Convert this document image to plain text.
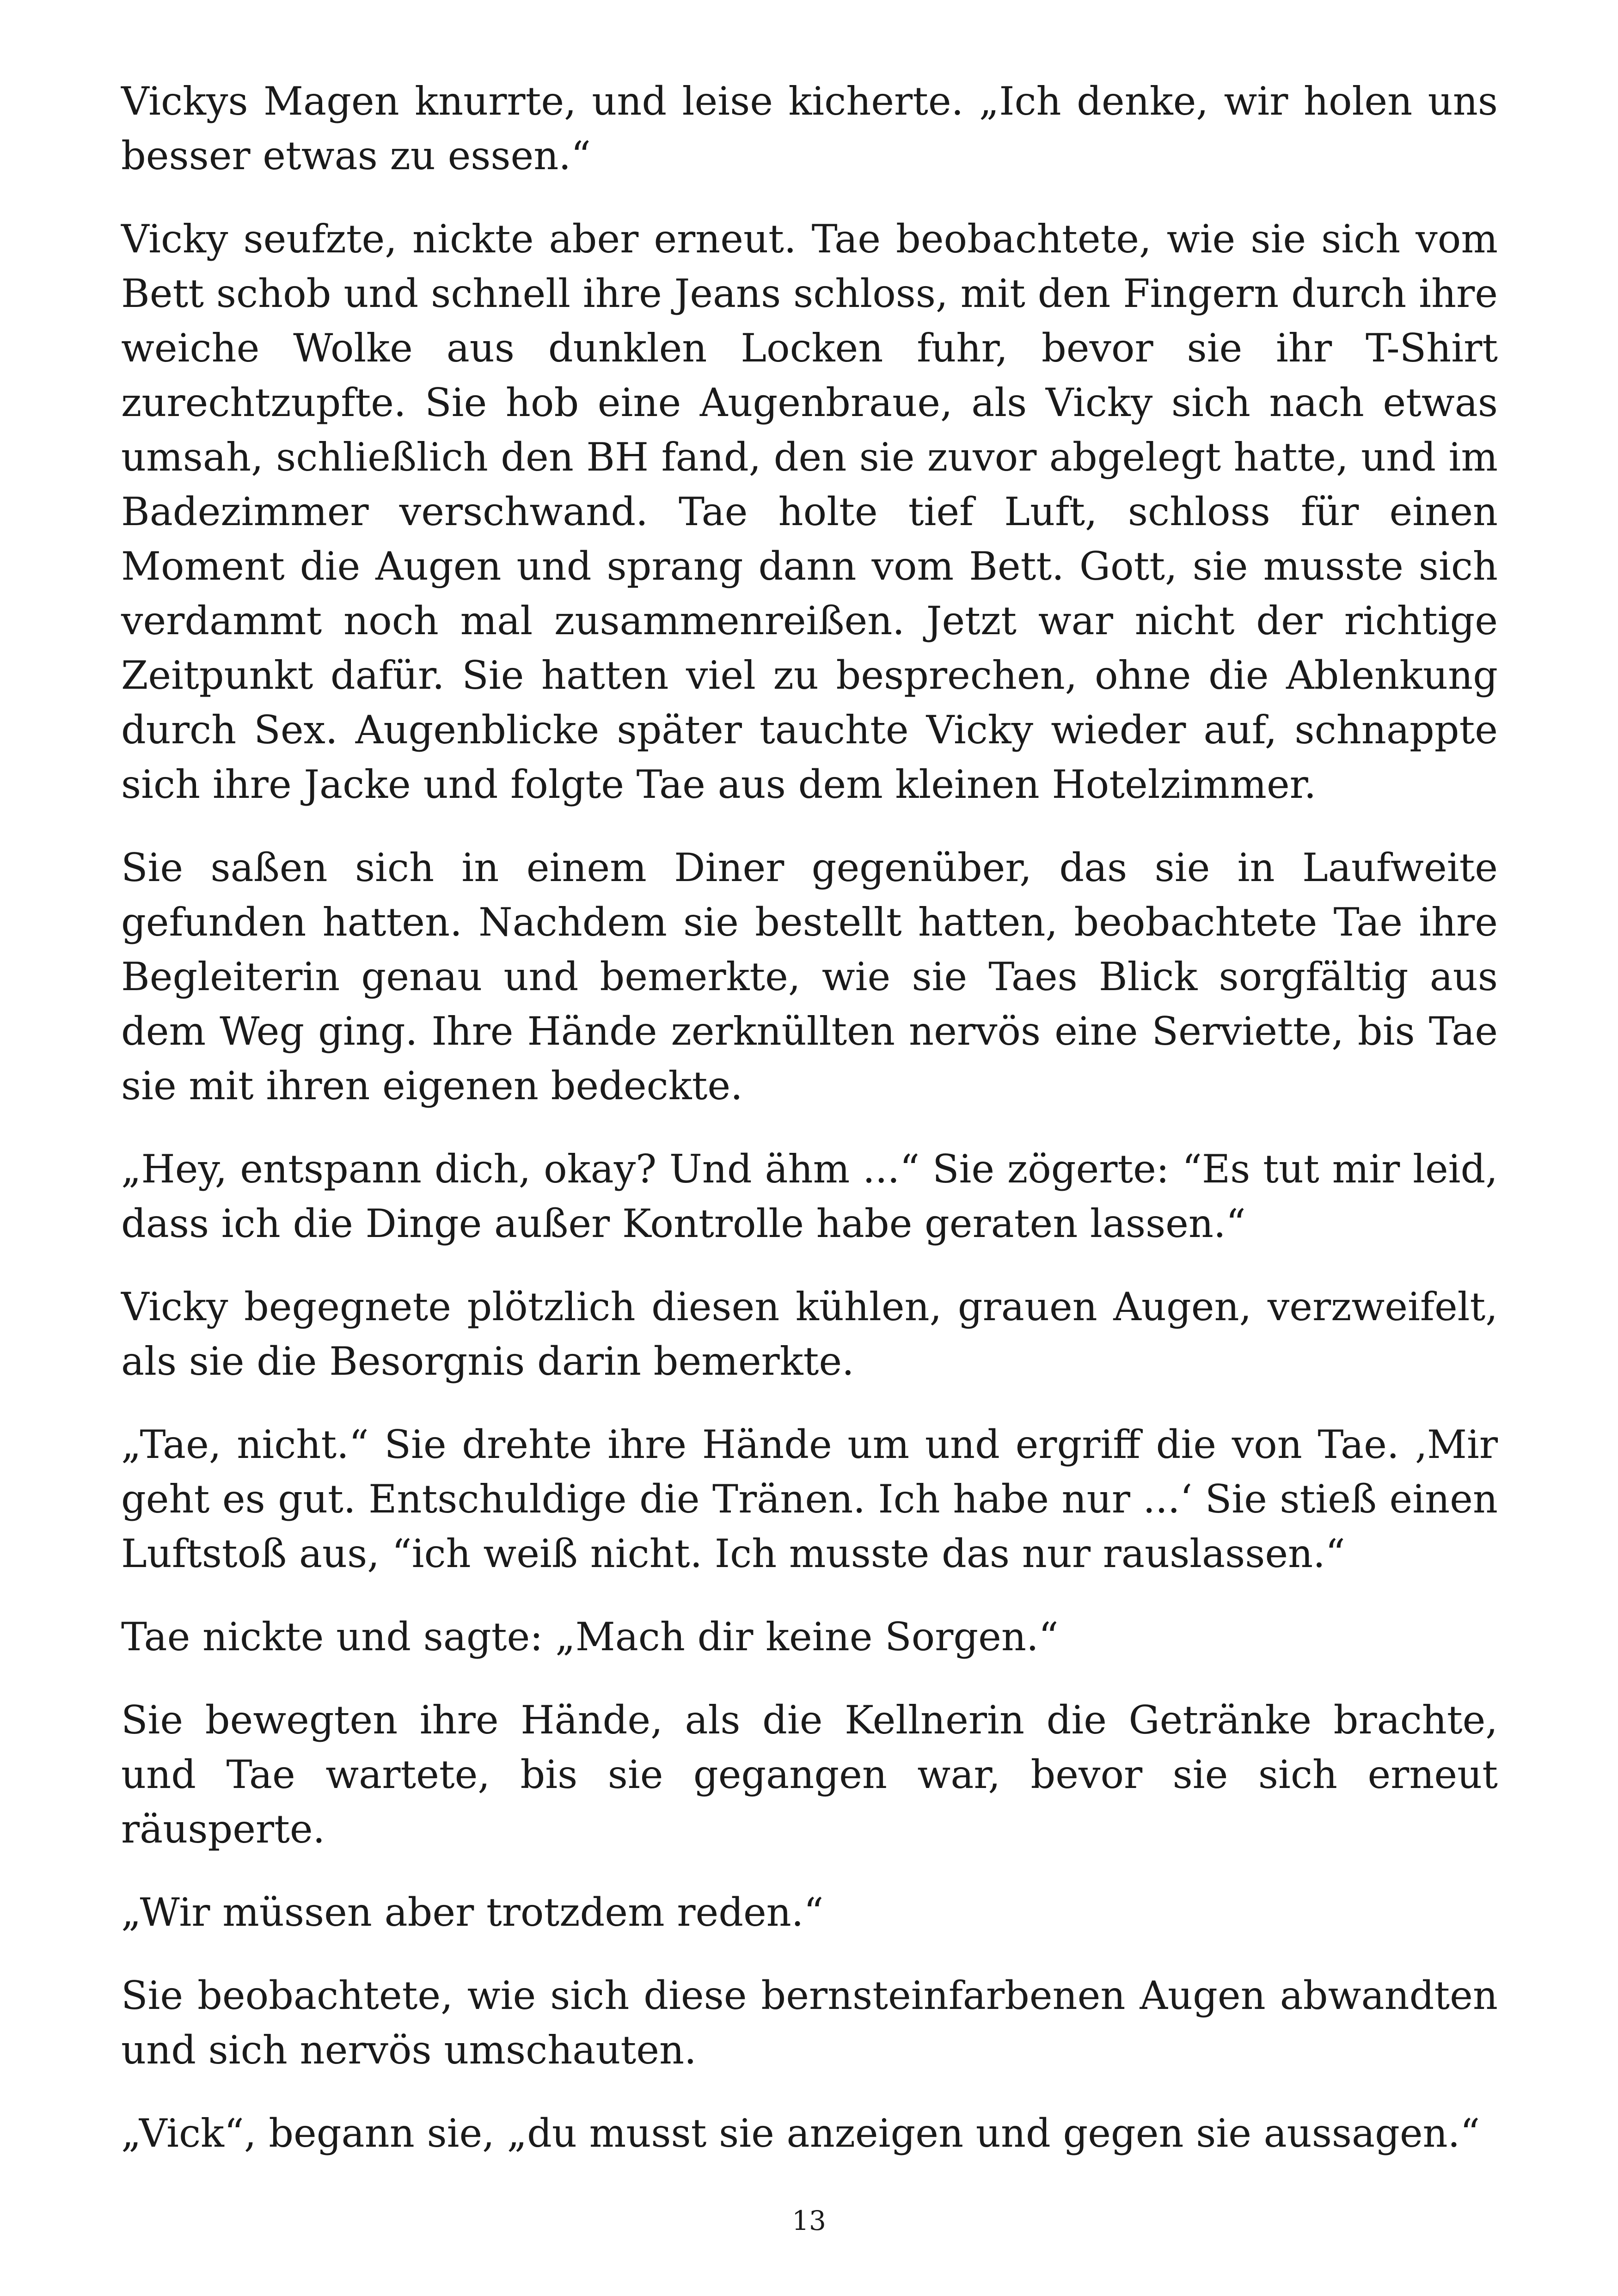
Vickys Magen knurrte, und leise kicherte. „Ich denke, wir holen uns besser etwas zu essen.“

Vicky seufzte, nickte aber erneut. Tae beobachtete, wie sie sich vom Bett schob und schnell ihre Jeans schloss, mit den Fingern durch ihre weiche Wolke aus dunklen Locken fuhr, bevor sie ihr T-Shirt zurechtzupfte. Sie hob eine Augenbraue, als Vicky sich nach etwas umsah, schließlich den BH fand, den sie zuvor abgelegt hatte, und im Badezimmer verschwand. Tae holte tief Luft, schloss für einen Moment die Augen und sprang dann vom Bett. Gott, sie musste sich verdammt noch mal zusammenreißen. Jetzt war nicht der richtige Zeitpunkt dafür. Sie hatten viel zu besprechen, ohne die Ablenkung durch Sex. Augenblicke später tauchte Vicky wieder auf, schnappte sich ihre Jacke und folgte Tae aus dem kleinen Hotelzimmer.

Sie saßen sich in einem Diner gegenüber, das sie in Laufweite gefunden hatten. Nachdem sie bestellt hatten, beobachtete Tae ihre Begleiterin genau und bemerkte, wie sie Taes Blick sorgfältig aus dem Weg ging. Ihre Hände zerknüllten nervös eine Serviette, bis Tae sie mit ihren eigenen bedeckte.

„Hey, entspann dich, okay? Und ähm ...“ Sie zögerte: “Es tut mir leid, dass ich die Dinge außer Kontrolle habe geraten lassen.“

Vicky begegnete plötzlich diesen kühlen, grauen Augen, verzweifelt, als sie die Besorgnis darin bemerkte.

„Tae, nicht.“ Sie drehte ihre Hände um und ergriff die von Tae. ‚Mir geht es gut. Entschuldige die Tränen. Ich habe nur ...‘ Sie stieß einen Luftstoß aus, “ich weiß nicht. Ich musste das nur rauslassen.“

Tae nickte und sagte: „Mach dir keine Sorgen.“

Sie bewegten ihre Hände, als die Kellnerin die Getränke brachte, und Tae wartete, bis sie gegangen war, bevor sie sich erneut räusperte.

„Wir müssen aber trotzdem reden.“

Sie beobachtete, wie sich diese bernsteinfarbenen Augen abwandten und sich nervös umschauten.

„Vick“, begann sie, „du musst sie anzeigen und gegen sie aussagen.“

13
